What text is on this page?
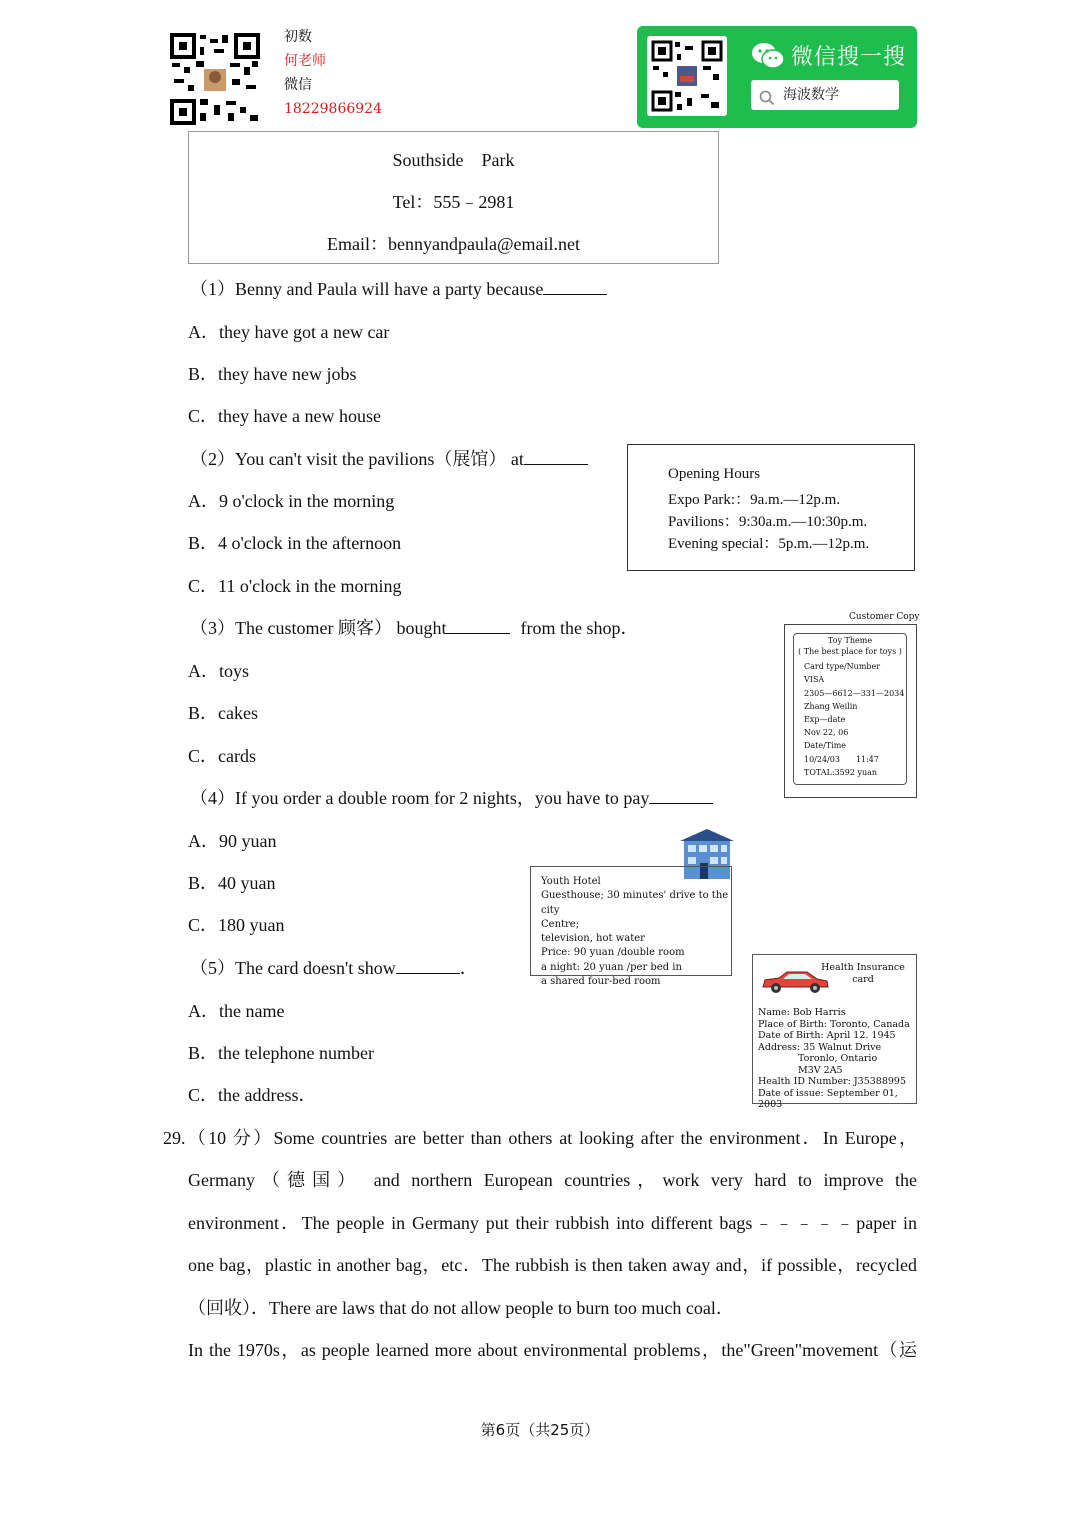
初数
何老师
微信
18229866924
微信搜一搜
海波数学
Southside　Park
Tel：555﹣2981
Email：bennyandpaula@email.net
（1）Benny and Paula will have a party because
A．they have got a new car
B．they have new jobs
C．they have a new house
（2）You can't visit the pavilions（展馆） at
A．9 o'clock in the morning
B．4 o'clock in the afternoon
C．11 o'clock in the morning
Opening Hours
Expo Park:：9a.m.—12p.m.
Pavilions：9:30a.m.—10:30p.m.
Evening special：5p.m.—12p.m.
（3）The customer 顾客） bought	from the shop．
A．toys
B．cakes
C．cards
Customer Copy
Toy Theme
( The best place for toys )
Card type/Number
VISA
2305—6612—331—2034
Zhang Weilin
Exp—date
Nov 22, 06
Date/Time
10/24/03　　11:47
TOTAL:3592 yuan
（4）If you order a double room for 2 nights，you have to pay
A．90 yuan
B．40 yuan
C．180 yuan
Youth Hotel
Guesthouse; 30 minutes' drive to the city
Centre;
television, hot water
Price: 90 yuan /double room
a night: 20 yuan /per bed in
a shared four-bed room
（5）The card doesn't show	．
A．the name
B．the telephone number
C．the address．
Health Insurance
card
Name: Bob Harris
Place of Birth: Toronto, Canada
Date of Birth: April 12. 1945
Address: 35 Walnut Drive
Toronlo, Ontario
M3V 2A5
Health ID Number: J35388995
Date of issue: September 01, 2003
29.（10 分）Some countries are better than others at looking after the environment．In Europe，
Germany（德国） and northern European countries，work very hard to improve the
environment．The people in Germany put their rubbish into different bags﹣﹣﹣﹣﹣paper in
one bag，plastic in another bag，etc．The rubbish is then taken away and，if possible，recycled
（回收）．There are laws that do not allow people to burn too much coal．
In the 1970s，as people learned more about environmental problems，the"Green"movement（运
第6页（共25页）
